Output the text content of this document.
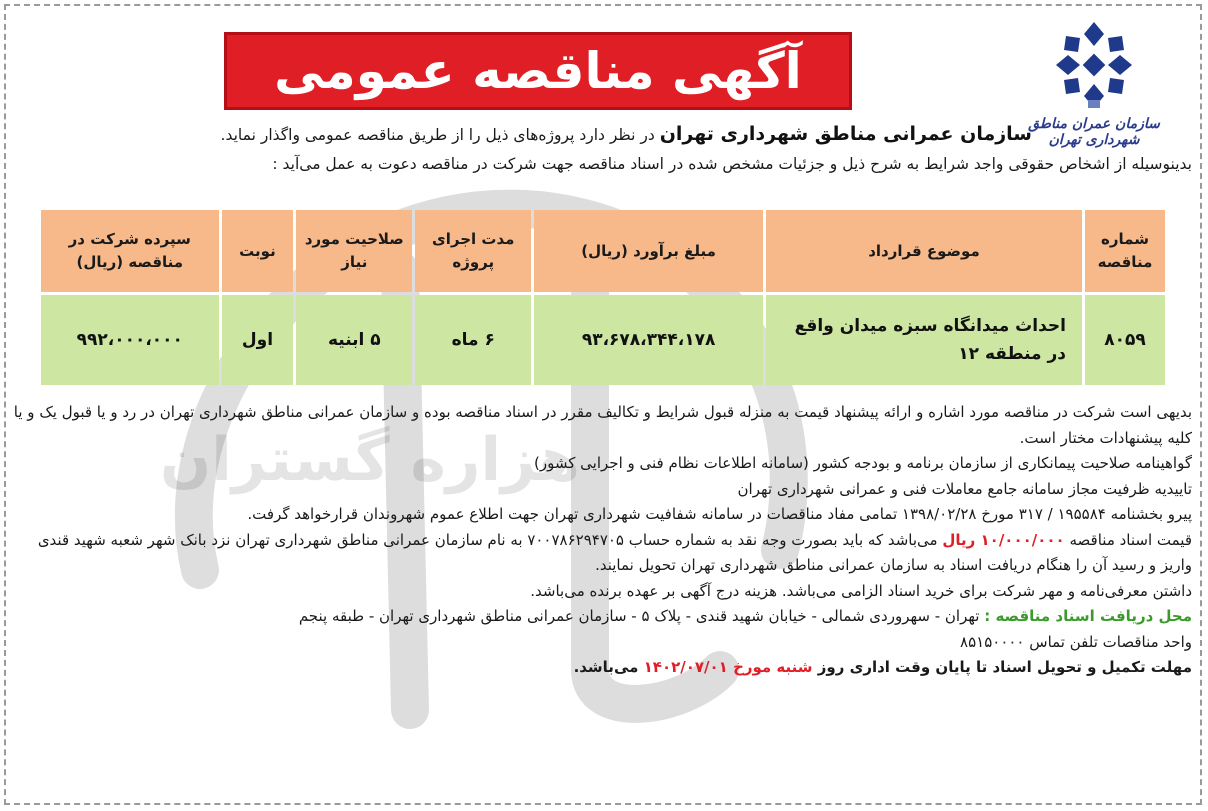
هزاره گستران
سازمان عمران مناطق شهرداری تهران
آگهی مناقصه عمومی
سازمان عمرانی مناطق شهرداری تهران در نظر دارد پروژه‌های ذیل را از طریق مناقصه عمومی واگذار نماید.
بدینوسیله از اشخاص حقوقی واجد شرایط به شرح ذیل و جزئیات مشخص شده در اسناد مناقصه جهت شرکت در مناقصه دعوت به عمل می‌آید :
شماره مناقصه	موضوع قرارداد	مبلغ برآورد (ریال)	مدت اجرای پروژه	صلاحیت مورد نیاز	نوبت	سپرده شرکت در مناقصه (ریال)
۸۰۵۹	احداث میدانگاه سبزه میدان واقع در منطقه ۱۲	۹۳،۶۷۸،۳۴۴،۱۷۸	۶ ماه	۵ ابنیه	اول	۹۹۲،۰۰۰،۰۰۰

بدیهی است شرکت در مناقصه مورد اشاره و ارائه پیشنهاد قیمت به منزله قبول شرایط و تکالیف مقرر در اسناد مناقصه بوده و سازمان عمرانی مناطق شهرداری تهران در رد و یا قبول یک و یا کلیه پیشنهادات مختار است.

گواهینامه صلاحیت پیمانکاری از سازمان برنامه و بودجه کشور (سامانه اطلاعات نظام فنی و اجرایی کشور)

تاییدیه ظرفیت مجاز سامانه جامع معاملات فنی و عمرانی شهرداری تهران

پیرو بخشنامه ۱۹۵۵۸۴ / ۳۱۷ مورخ ۱۳۹۸/۰۲/۲۸ تمامی مفاد مناقصات در سامانه شفافیت شهرداری تهران جهت اطلاع عموم شهروندان قرارخواهد گرفت.

قیمت اسناد مناقصه ۱۰/۰۰۰/۰۰۰ ریال می‌باشد که باید بصورت وجه نقد به شماره حساب ۷۰۰۷۸۶۲۹۴۷۰۵ به نام سازمان عمرانی مناطق شهرداری تهران نزد بانک شهر شعبه شهید قندی واریز و رسید آن را هنگام دریافت اسناد به سازمان عمرانی مناطق شهرداری تهران تحویل نمایند.

داشتن معرفی‌نامه و مهر شرکت برای خرید اسناد الزامی می‌باشد. هزینه درج آگهی بر عهده برنده می‌باشد.

محل دریافت اسناد مناقصه : تهران - سهروردی شمالی - خیابان شهید قندی - پلاک ۵ - سازمان عمرانی مناطق شهرداری تهران - طبقه پنجم

واحد مناقصات تلفن تماس ۸۵۱۵۰۰۰۰

مهلت تکمیل و تحویل اسناد تا پایان وقت اداری روز شنبه مورخ ۱۴۰۲/۰۷/۰۱ می‌باشد.
